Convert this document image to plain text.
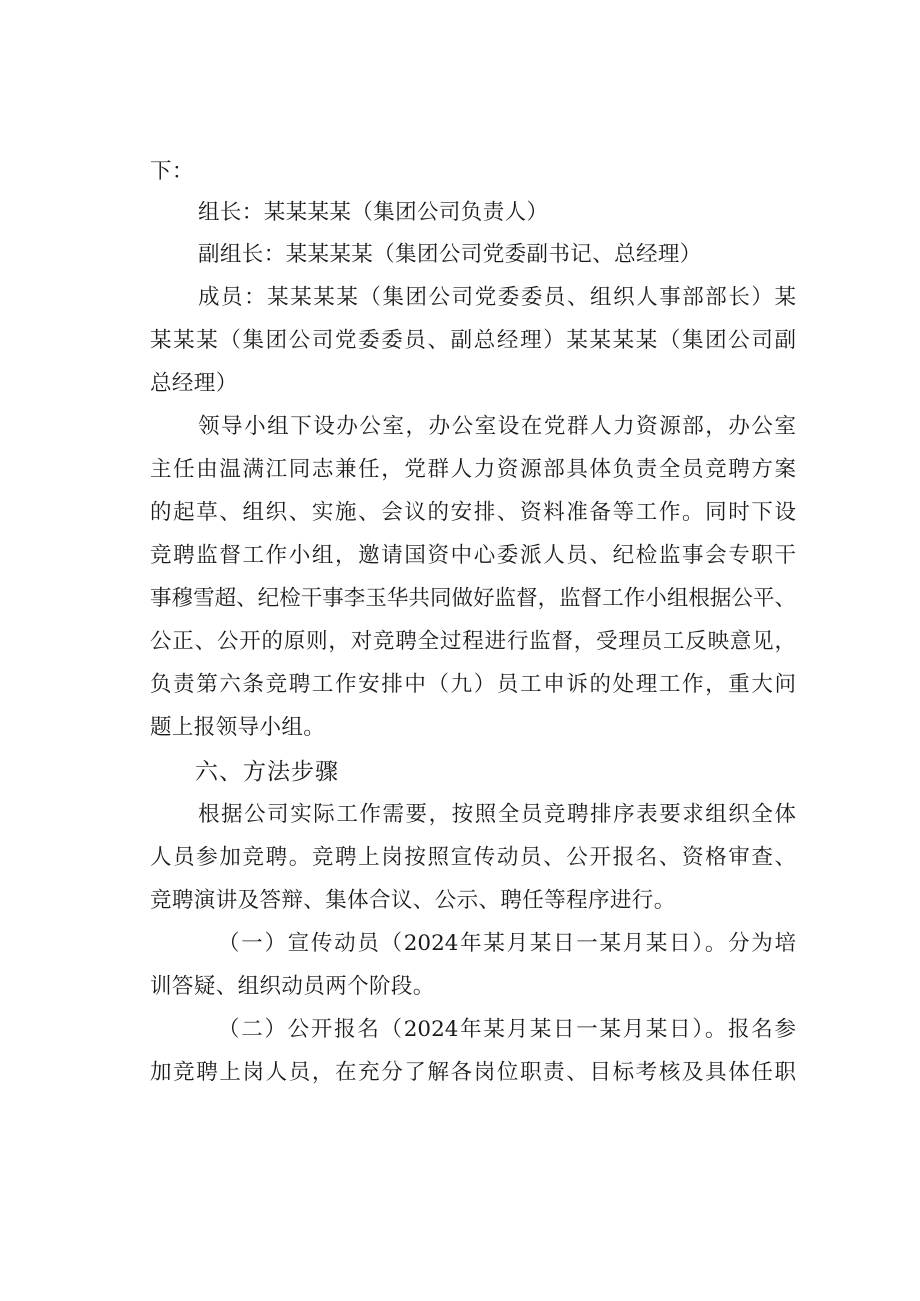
下：
组长：某某某某（集团公司负责人）
副组长：某某某某（集团公司党委副书记、总经理）
成员：某某某某（集团公司党委委员、组织人事部部长）某
某某某（集团公司党委委员、副总经理）某某某某（集团公司副
总经理）
领导小组下设办公室，办公室设在党群人力资源部，办公室
主任由温满江同志兼任，党群人力资源部具体负责全员竞聘方案
的起草、组织、实施、会议的安排、资料准备等工作。同时下设
竞聘监督工作小组，邀请国资中心委派人员、纪检监事会专职干
事穆雪超、纪检干事李玉华共同做好监督，监督工作小组根据公平、
公正、公开的原则，对竞聘全过程进行监督，受理员工反映意见，
负责第六条竞聘工作安排中（九）员工申诉的处理工作，重大问
题上报领导小组。
六、方法步骤
根据公司实际工作需要，按照全员竞聘排序表要求组织全体
人员参加竞聘。竞聘上岗按照宣传动员、公开报名、资格审查、
竞聘演讲及答辩、集体合议、公示、聘任等程序进行。
（一）宣传动员（2024年某月某日一某月某日）。分为培
训答疑、组织动员两个阶段。
（二）公开报名（2024年某月某日一某月某日）。报名参
加竞聘上岗人员，在充分了解各岗位职责、目标考核及具体任职
